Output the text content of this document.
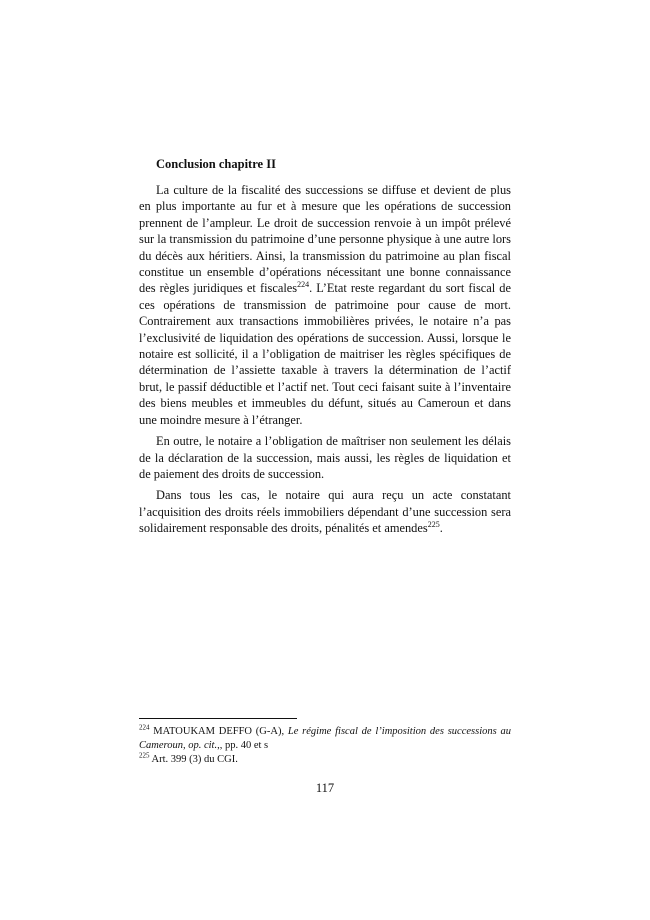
Conclusion chapitre II

La culture de la fiscalité des successions se diffuse et devient de plus en plus importante au fur et à mesure que les opérations de succession prennent de l’ampleur. Le droit de succession renvoie à un impôt prélevé sur la transmission du patrimoine d’une personne physique à une autre lors du décès aux héritiers. Ainsi, la transmission du patrimoine au plan fiscal constitue un ensemble d’opérations nécessitant une bonne connaissance des règles juridiques et fiscales$^{224}$. L’Etat reste regardant du sort fiscal de ces opérations de transmission de patrimoine pour cause de mort. Contrairement aux transactions immobilières privées, le notaire n’a pas l’exclusivité de liquidation des opérations de succession. Aussi, lorsque le notaire est sollicité, il a l’obligation de maitriser les règles spécifiques de détermination de l’assiette taxable à travers la détermination de l’actif brut, le passif déductible et l’actif net. Tout ceci faisant suite à l’inventaire des biens meubles et immeubles du défunt, situés au Cameroun et dans une moindre mesure à l’étranger.

En outre, le notaire a l’obligation de maîtriser non seulement les délais de la déclaration de la succession, mais aussi, les règles de liquidation et de paiement des droits de succession.

Dans tous les cas, le notaire qui aura reçu un acte constatant l’acquisition des droits réels immobiliers dépendant d’une succession sera solidairement responsable des droits, pénalités et amendes$^{225}$.

$^{224}$ MATOUKAM DEFFO (G-A), Le régime fiscal de l’imposition des successions au Cameroun, op. cit.,, pp. 40 et s

$^{225}$ Art. 399 (3) du CGI.

117
